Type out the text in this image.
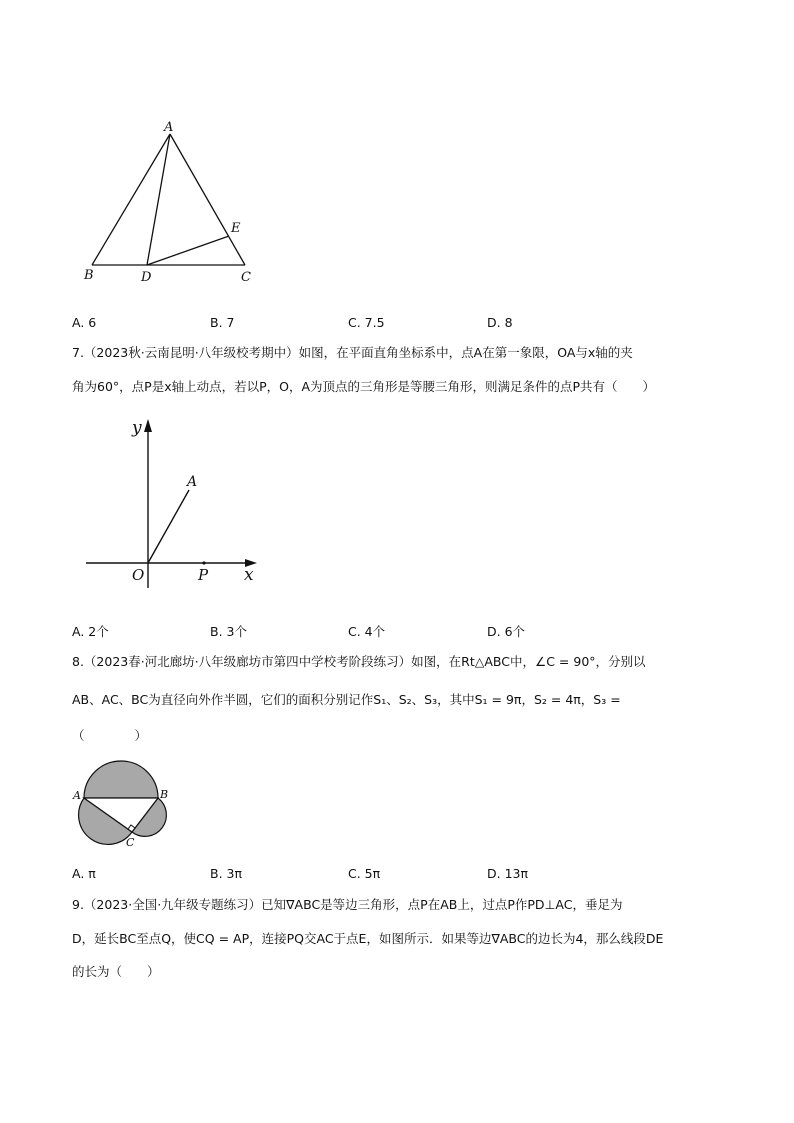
A
B	C
D
E
A. 6	B. 7	C. 7.5	D. 8
7.（2023秋·云南昆明·八年级校考期中）如图，在平面直角坐标系中，点A在第一象限，OA与x轴的夹
角为60°，点P是x轴上动点，若以P，O，A为顶点的三角形是等腰三角形，则满足条件的点P共有（　　）
y
x
O
A
P
A. 2个	B. 3个	C. 4个	D. 6个
8.（2023春·河北廊坊·八年级廊坊市第四中学校考阶段练习）如图，在Rt△ABC中，∠C = 90°，分别以
AB、AC、BC为直径向外作半圆，它们的面积分别记作S₁、S₂、S₃，其中S₁ = 9π，S₂ = 4π，S₃ =
（　　　　）
A	B
C
A. π	B. 3π	C. 5π	D. 13π
9.（2023·全国·九年级专题练习）已知∇ABC是等边三角形，点P在AB上，过点P作PD⊥AC，垂足为
D，延长BC至点Q，使CQ = AP，连接PQ交AC于点E，如图所示．如果等边∇ABC的边长为4，那么线段DE
的长为（　　）
